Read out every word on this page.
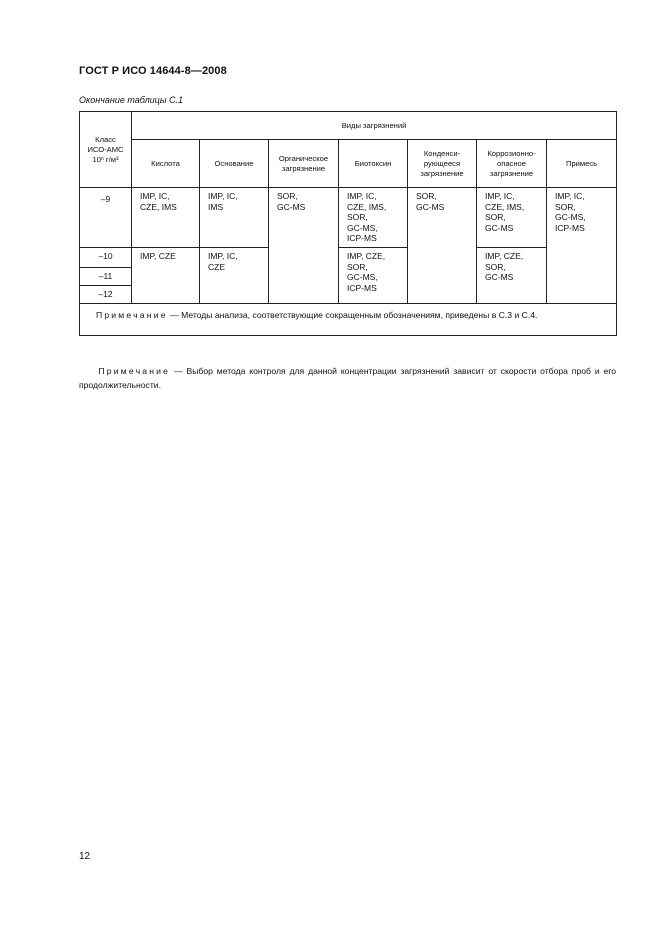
ГОСТ Р ИСО 14644-8—2008
Окончание таблицы С.1
Класс
ИСО-АМС
10ⁿ г/м³	Виды загрязнений						
	Кислота	Основание	Органическое
загрязнение	Биотоксин	Конденси-
рующееся
загрязнение	Коррозионно-
опасное
загрязнение	Примесь
–9	IMP, IC,
CZE, IMS	IMP, IC,
IMS	SOR,
GC-MS	IMP, IC,
CZE, IMS,
SOR,
GC-MS,
ICP-MS	SOR,
GC-MS	IMP, IC,
CZE, IMS,
SOR,
GC-MS	IMP, IC,
SOR,
GC-MS,
ICP-MS
–10	IMP, CZE	IMP, IC,
CZE		IMP, CZE,
SOR,
GC-MS,
ICP-MS		IMP, CZE,
SOR,
GC-MS	
–11							
–12							
Примечание — Методы анализа, соответствующие сокращенным обозначениям, приведены в С.3 и С.4.							
Примечание — Выбор метода контроля для данной концентрации загрязнений зависит от скорости отбора проб и его продолжительности.
12
